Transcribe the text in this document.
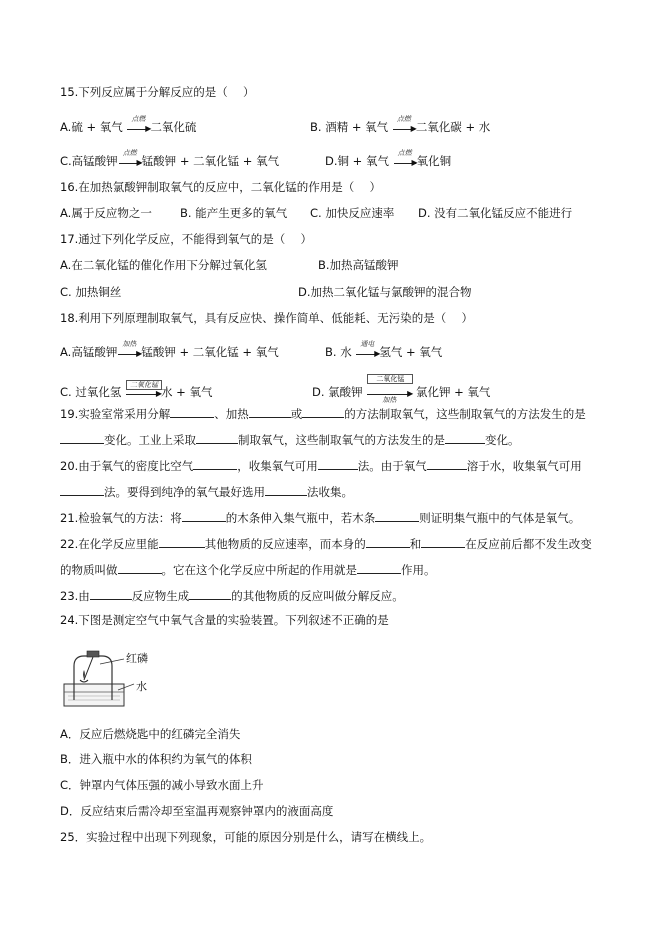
15.下列反应属于分解反应的是（　 ）
A.硫 + 氧气
点燃
▶ 二氧化硫	B. 酒精 + 氧气
点燃
▶ 二氧化碳 + 水
C.高锰酸钾
点燃
▶ 锰酸钾 + 二氧化锰 + 氧气	D.铜 + 氧气
点燃
▶ 氧化铜
16.在加热氯酸钾制取氧气的反应中，二氧化锰的作用是（　 ）
A.属于反应物之一 B. 能产生更多的氧气 C. 加快反应速率 D. 没有二氧化锰反应不能进行
17.通过下列化学反应，不能得到氧气的是（　 ）
A.在二氧化锰的催化作用下分解过氧化氢	B.加热高锰酸钾
C. 加热铜丝	D.加热二氧化锰与氯酸钾的混合物
18.利用下列原理制取氧气，具有反应快、操作简单、低能耗、无污染的是（　 ）
A.高锰酸钾
加热
▶ 锰酸钾 + 二氧化锰 + 氧气	B. 水
通电
▶ 氢气 + 氧气
C. 过氧化氢
二氧化锰
▶ 水 + 氧气	D. 氯酸钾
二氧化锰
▶
加热
氯化钾 + 氧气
19.实验室常采用分解	、加热	或	的方法制取氧气，这些制取氧气的方法发生的是
变化。工业上采取	制取氧气，这些制取氧气的方法发生的是	变化。
20.由于氧气的密度比空气	，收集氧气可用	法。由于氧气	溶于水，收集氧气可用
法。要得到纯净的氧气最好选用	法收集。
21.检验氧气的方法：将	的木条伸入集气瓶中，若木条	则证明集气瓶中的气体是氧气。
22.在化学反应里能	其他物质的反应速率，而本身的	和	在反应前后都不发生改变
的物质叫做	。它在这个化学反应中所起的作用就是	作用。
23.由	反应物生成	的其他物质的反应叫做分解反应。
24.下图是测定空气中氧气含量的实验装置。下列叙述不正确的是
红磷
水
A．反应后燃烧匙中的红磷完全消失
B．进入瓶中水的体积约为氧气的体积
C．钟罩内气体压强的减小导致水面上升
D．反应结束后需冷却至室温再观察钟罩内的液面高度
25．实验过程中出现下列现象，可能的原因分别是什么，请写在横线上。
